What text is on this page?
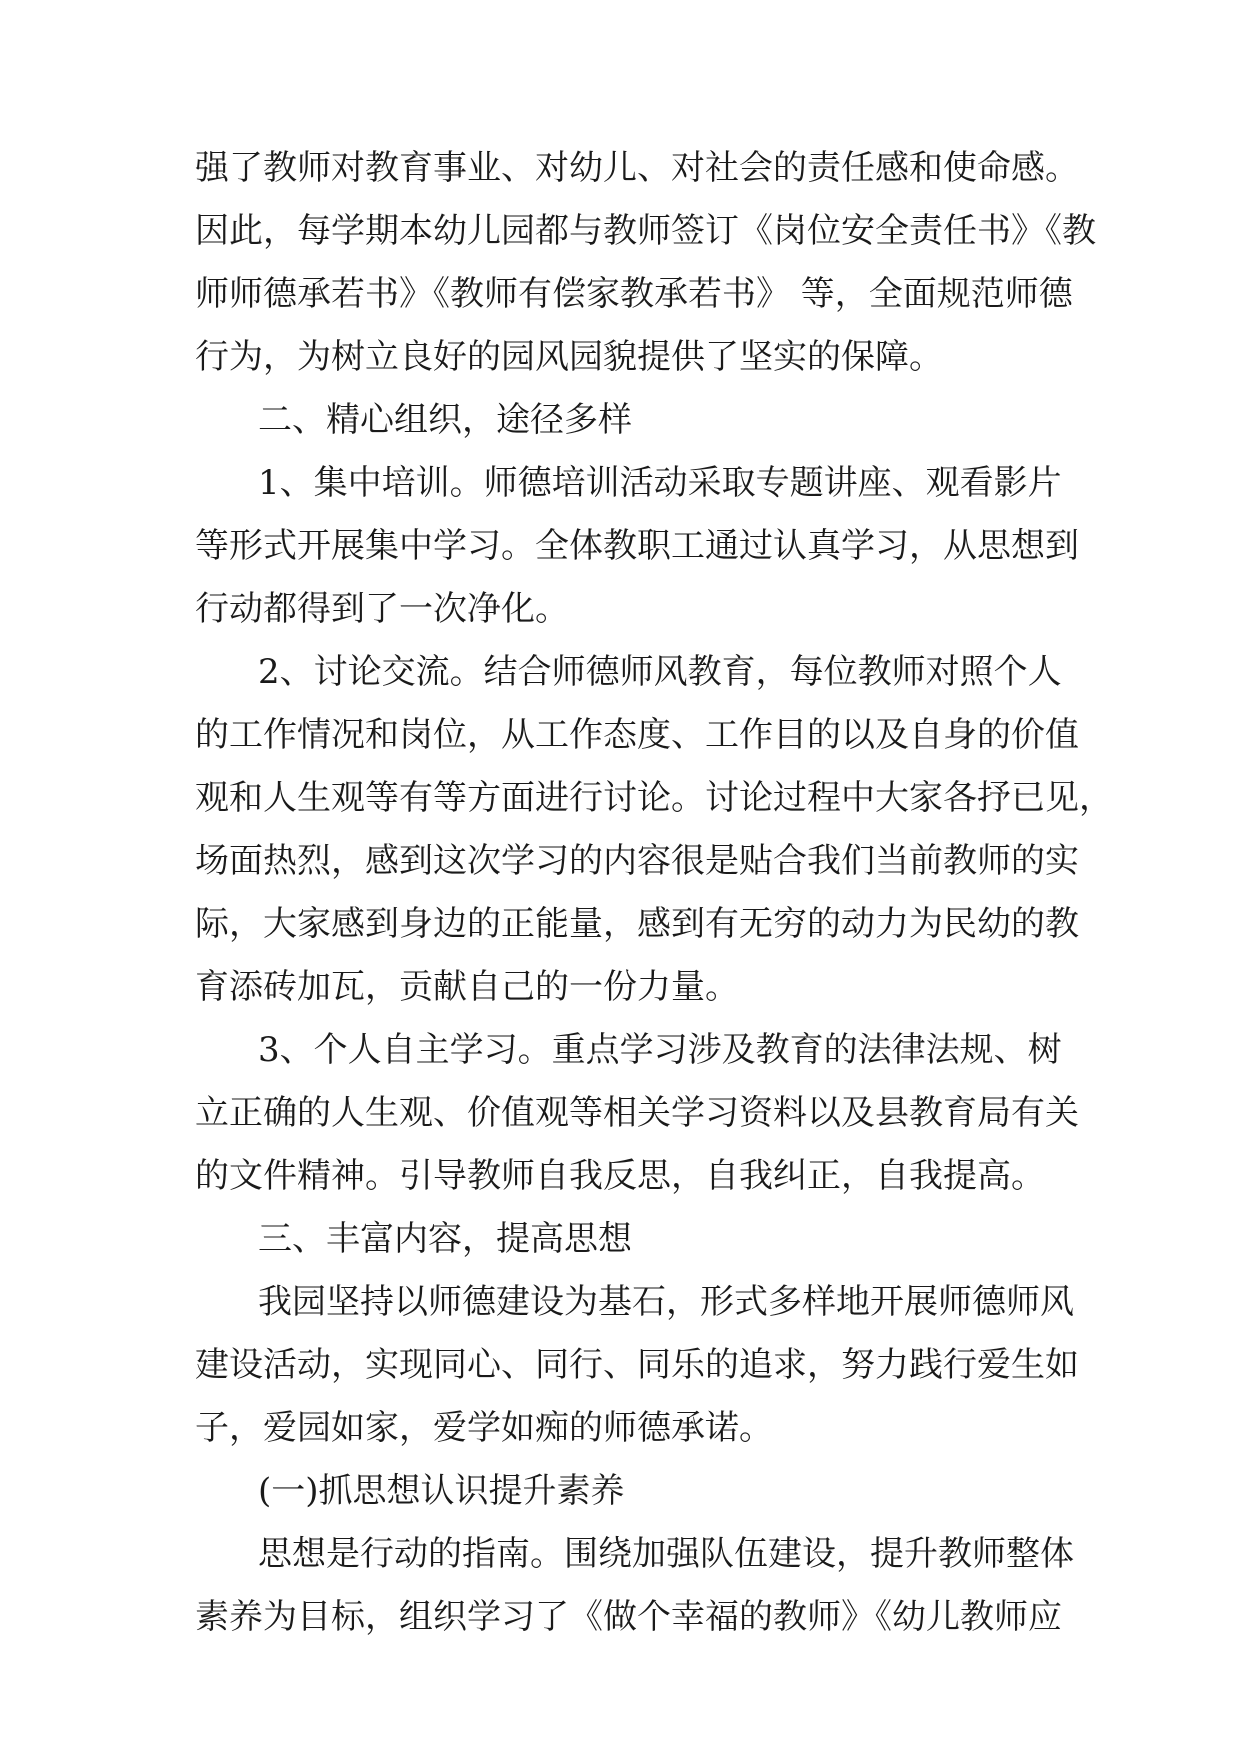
强了教师对教育事业、对幼儿、对社会的责任感和使命感。
因此，每学期本幼儿园都与教师签订《岗位安全责任书》《教
师师德承若书》《教师有偿家教承若书》 等，全面规范师德
行为，为树立良好的园风园貌提供了坚实的保障。
二、精心组织，途径多样
1、集中培训。师德培训活动采取专题讲座、观看影片
等形式开展集中学习。全体教职工通过认真学习，从思想到
行动都得到了一次净化。
2、讨论交流。结合师德师风教育，每位教师对照个人
的工作情况和岗位，从工作态度、工作目的以及自身的价值
观和人生观等有等方面进行讨论。讨论过程中大家各抒已见，
场面热烈，感到这次学习的内容很是贴合我们当前教师的实
际，大家感到身边的正能量，感到有无穷的动力为民幼的教
育添砖加瓦，贡献自己的一份力量。
3、个人自主学习。重点学习涉及教育的法律法规、树
立正确的人生观、价值观等相关学习资料以及县教育局有关
的文件精神。引导教师自我反思，自我纠正，自我提高。
三、丰富内容，提高思想
我园坚持以师德建设为基石，形式多样地开展师德师风
建设活动，实现同心、同行、同乐的追求，努力践行爱生如
子，爱园如家，爱学如痴的师德承诺。
(一)抓思想认识提升素养
思想是行动的指南。围绕加强队伍建设，提升教师整体
素养为目标，组织学习了《做个幸福的教师》《幼儿教师应
